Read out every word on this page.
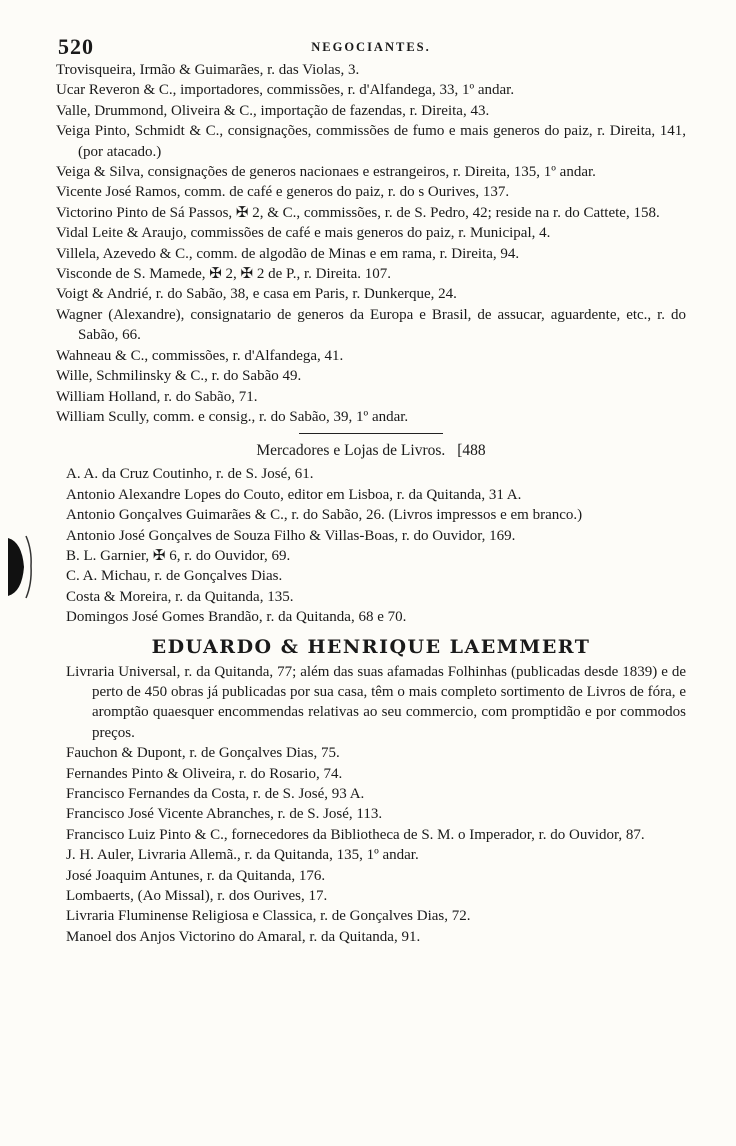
520	NEGOCIANTES.

Trovisqueira, Irmão & Guimarães, r. das Violas, 3.

Ucar Reveron & C., importadores, commissões, r. d'Alfandega, 33, 1º andar.

Valle, Drummond, Oliveira & C., importação de fazendas, r. Direita, 43.

Veiga Pinto, Schmidt & C., consignações, commissões de fumo e mais generos do paiz, r. Direita, 141, (por atacado.)

Veiga & Silva, consignações de generos nacionaes e estrangeiros, r. Direita, 135, 1º andar.

Vicente José Ramos, comm. de café e generos do paiz, r. do s Ourives, 137.

Victorino Pinto de Sá Passos, ✠ 2, & C., commissões, r. de S. Pedro, 42; reside na r. do Cattete, 158.

Vidal Leite & Araujo, commissões de café e mais generos do paiz, r. Municipal, 4.

Villela, Azevedo & C., comm. de algodão de Minas e em rama, r. Direita, 94.

Visconde de S. Mamede, ✠ 2, ✠ 2 de P., r. Direita. 107.

Voigt & Andrié, r. do Sabão, 38, e casa em Paris, r. Dunkerque, 24.

Wagner (Alexandre), consignatario de generos da Europa e Brasil, de assucar, aguardente, etc., r. do Sabão, 66.

Wahneau & C., commissões, r. d'Alfandega, 41.

Wille, Schmilinsky & C., r. do Sabão 49.

William Holland, r. do Sabão, 71.

William Scully, comm. e consig., r. do Sabão, 39, 1º andar.

Mercadores e Lojas de Livros. [488

A. A. da Cruz Coutinho, r. de S. José, 61.

Antonio Alexandre Lopes do Couto, editor em Lisboa, r. da Quitanda, 31 A.

Antonio Gonçalves Guimarães & C., r. do Sabão, 26. (Livros impressos e em branco.)

Antonio José Gonçalves de Souza Filho & Villas-Boas, r. do Ouvidor, 169.

B. L. Garnier, ✠ 6, r. do Ouvidor, 69.

C. A. Michau, r. de Gonçalves Dias.

Costa & Moreira, r. da Quitanda, 135.

Domingos José Gomes Brandão, r. da Quitanda, 68 e 70.

EDUARDO & HENRIQUE LAEMMERT

Livraria Universal, r. da Quitanda, 77; além das suas afamadas Folhinhas (publicadas desde 1839) e de perto de 450 obras já publicadas por sua casa, têm o mais completo sortimento de Livros de fóra, e aromptão quaesquer encommendas relativas ao seu commercio, com promptidão e por commodos preços.

Fauchon & Dupont, r. de Gonçalves Dias, 75.

Fernandes Pinto & Oliveira, r. do Rosario, 74.

Francisco Fernandes da Costa, r. de S. José, 93 A.

Francisco José Vicente Abranches, r. de S. José, 113.

Francisco Luiz Pinto & C., fornecedores da Bibliotheca de S. M. o Imperador, r. do Ouvidor, 87.

J. H. Auler, Livraria Allemã., r. da Quitanda, 135, 1º andar.

José Joaquim Antunes, r. da Quitanda, 176.

Lombaerts, (Ao Missal), r. dos Ourives, 17.

Livraria Fluminense Religiosa e Classica, r. de Gonçalves Dias, 72.

Manoel dos Anjos Victorino do Amaral, r. da Quitanda, 91.
